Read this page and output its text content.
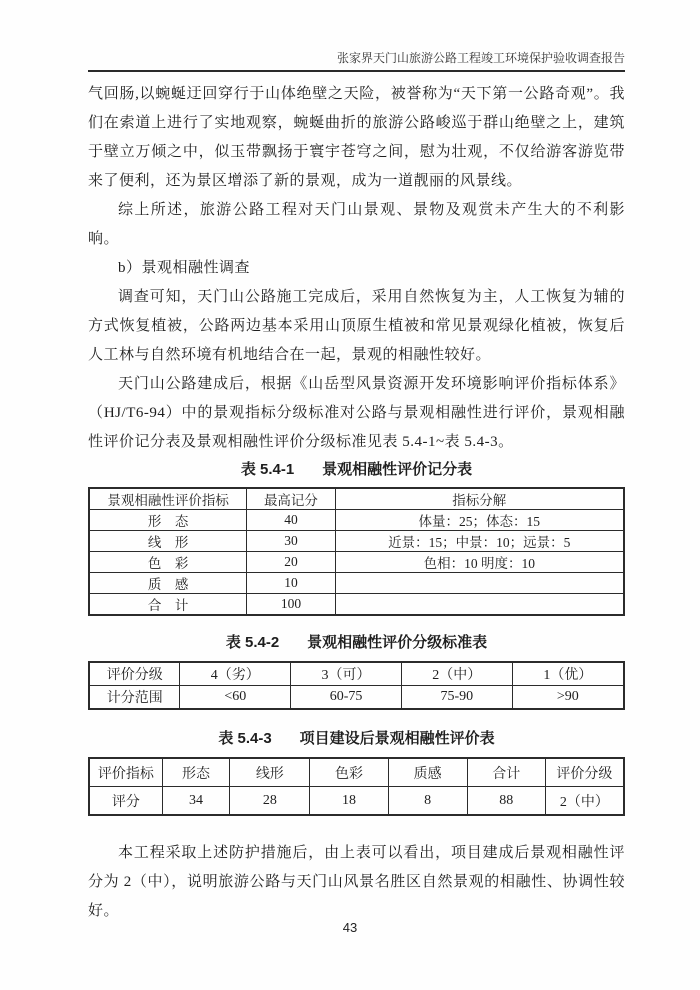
张家界天门山旅游公路工程竣工环境保护验收调查报告

气回肠,以蜿蜒迂回穿行于山体绝壁之天险，被誉称为“天下第一公路奇观”。我们在索道上进行了实地观察，蜿蜒曲折的旅游公路峻巡于群山绝壁之上，建筑于壁立万倾之中，似玉带飘扬于寰宇苍穹之间，慰为壮观，不仅给游客游览带来了便利，还为景区增添了新的景观，成为一道靓丽的风景线。

综上所述，旅游公路工程对天门山景观、景物及观赏未产生大的不利影响。

b）景观相融性调查

调查可知，天门山公路施工完成后，采用自然恢复为主，人工恢复为辅的方式恢复植被，公路两边基本采用山顶原生植被和常见景观绿化植被，恢复后人工林与自然环境有机地结合在一起，景观的相融性较好。

天门山公路建成后，根据《山岳型风景资源开发环境影响评价指标体系》（HJ/T6-94）中的景观指标分级标准对公路与景观相融性进行评价，景观相融性评价记分表及景观相融性评价分级标准见表 5.4-1~表 5.4-3。

表 5.4-1 景观相融性评价记分表
景观相融性评价指标	最高记分	指标分解
形　态	40	体量：25；体态：15
线　形	30	近景：15；中景：10；远景：5
色　彩	20	色相：10 明度：10
质　感	10	
合　计	100	
表 5.4-2 景观相融性评价分级标准表
评价分级	4（劣）	3（可）	2（中）	1（优）
计分范围	<60	60-75	75-90	>90
表 5.4-3 项目建设后景观相融性评价表
评价指标	形态	线形	色彩	质感	合计	评价分级
评分	34	28	18	8	88	2（中）

本工程采取上述防护措施后，由上表可以看出，项目建成后景观相融性评分为 2（中），说明旅游公路与天门山风景名胜区自然景观的相融性、协调性较好。

43
